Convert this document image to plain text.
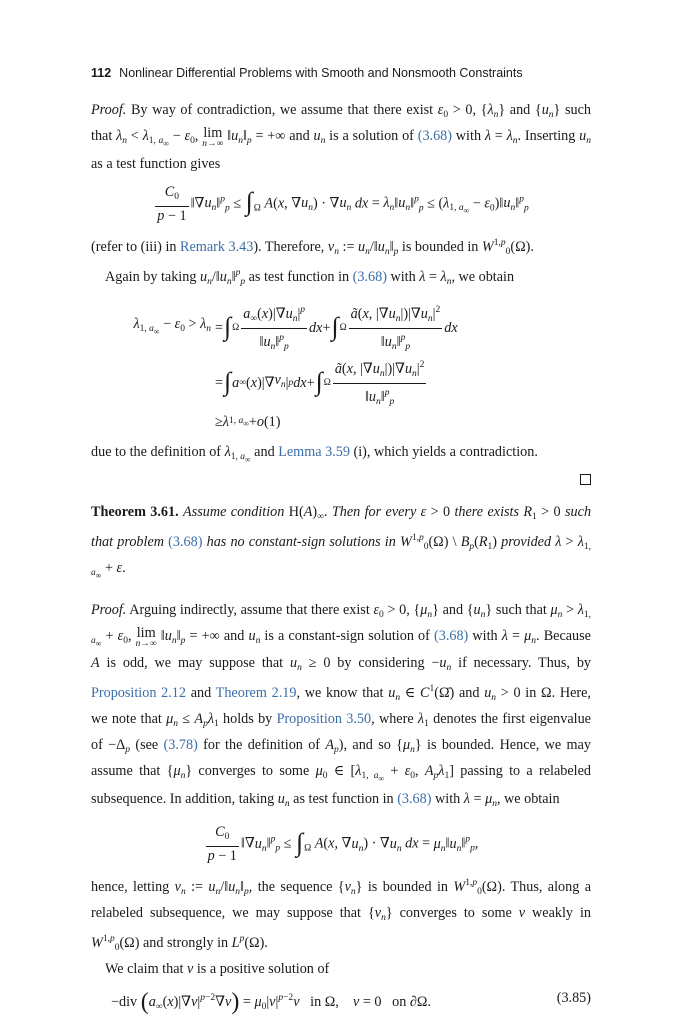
112 Nonlinear Differential Problems with Smooth and Nonsmooth Constraints

Proof. By way of contradiction, we assume that there exist $\varepsilon_0 > 0$, $\{\lambda_n\}$ and $\{u_n\}$ such that $\lambda_n < \lambda_{1, a_\infty} - \varepsilon_0$, lim
n→∞ $‖u_n‖_p$ = +∞ and $u_n$ is a solution of (3.68) with $\lambda = \lambda_n$. Inserting $u_n$ as a test function gives

$\frac{C_0}{p - 1}$ $‖\nabla u_n‖^p_p \le \int_\Omega$ A(x, $\nabla u_n) \cdot \nabla u_n$ dx = $\lambda_n‖u_n‖^p_p \le (\lambda_{1, a_\infty}$ − $\varepsilon_0)‖u_n‖^p_p$

(refer to (iii) in Remark 3.43). Therefore, $v_n$ := $u_n/‖u_n‖_p$ is bounded in W$^{1,p}_0$(Ω).

Again by taking $u_n/‖u_n‖^p_p$ as test function in (3.68) with $\lambda = \lambda_n$, we obtain

$\lambda_{1, a_\infty} - \varepsilon_0 > \lambda_n$ = ∫ Ω $\frac{a_\infty(x)|\nabla u_n|^p}{‖u_n‖^p_p}$ dx + ∫ Ω $\frac{ã(x, |\nabla u_n|)|\nabla u_n|^2}{‖u_n‖^p_p}$ dx
= ∫ a ∞ ( x )|∇ $v_n$ | p dx + ∫ Ω $\frac{ã(x, |\nabla u_n|)|\nabla u_n|^2}{‖u_n‖^p_p}$
≥ λ 1, $a_\infty + o$ (1)

due to the definition of $\lambda_{1, a_\infty}$ and Lemma 3.59 (i), which yields a contradiction.

Theorem 3.61. Assume condition $H(A)_\infty$. Then for every ε > 0 there exists $R_1 > 0$ such that problem (3.68) has no constant-sign solutions in W$^{1,p}_0$(Ω) \ $B_p(R_1)$ provided $\lambda > \lambda_{1, a_\infty} + \varepsilon$.

Proof. Arguing indirectly, assume that there exist $\varepsilon_0 > 0$, $\{\mu_n\}$ and $\{u_n\}$ such that $\mu_n > \lambda_{1, a_\infty} + \varepsilon_0$, lim
n→∞ $‖u_n‖_p$ = +∞ and $u_n$ is a constant-sign solution of (3.68) with $\lambda = \mu_n$. Because A is odd, we may suppose that $u_n \ge 0$ by considering $-u_n$ if necessary. Thus, by Proposition 2.12 and Theorem 2.19, we know that $u_n$ ∈ $C^1(\Omegā)$ and $u_n > 0$ in Ω. Here, we note that $\mu_n \le A_p\lambda_1$ holds by Proposition 3.50, where $\lambda_1$ denotes the first eigenvalue of $-\Delta_p$ (see (3.78) for the definition of $A_p$), and so $\{\mu_n\}$ is bounded. Hence, we may assume that $\{\mu_n\}$ converges to some $\mu_0$ ∈ [$\lambda_{1, a_\infty} + \varepsilon_0$, $A_p\lambda_1$] passing to a relabeled subsequence. In addition, taking $u_n$ as test function in (3.68) with $\lambda = \mu_n$, we obtain

$\frac{C_0}{p - 1}$ $‖\nabla u_n‖^p_p \le \int_\Omega$ A(x, $\nabla u_n) \cdot \nabla u_n$ dx = $\mu_n‖u_n‖^p_p$,

hence, letting $v_n$ := $u_n/‖u_n‖_p$, the sequence $\{v_n\}$ is bounded in W$^{1,p}_0$(Ω). Thus, along a relabeled subsequence, we may suppose that $\{v_n\}$ converges to some v weakly in W$^{1,p}_0$(Ω) and strongly in $L^p(\Omega)$.

We claim that v is a positive solution of

−div $(a_\infty(x)|\nabla v|^{p-2}\nabla v) = \mu_0|v|^{p-2}v$   in Ω,    v = 0   on ∂Ω.	(3.85)
